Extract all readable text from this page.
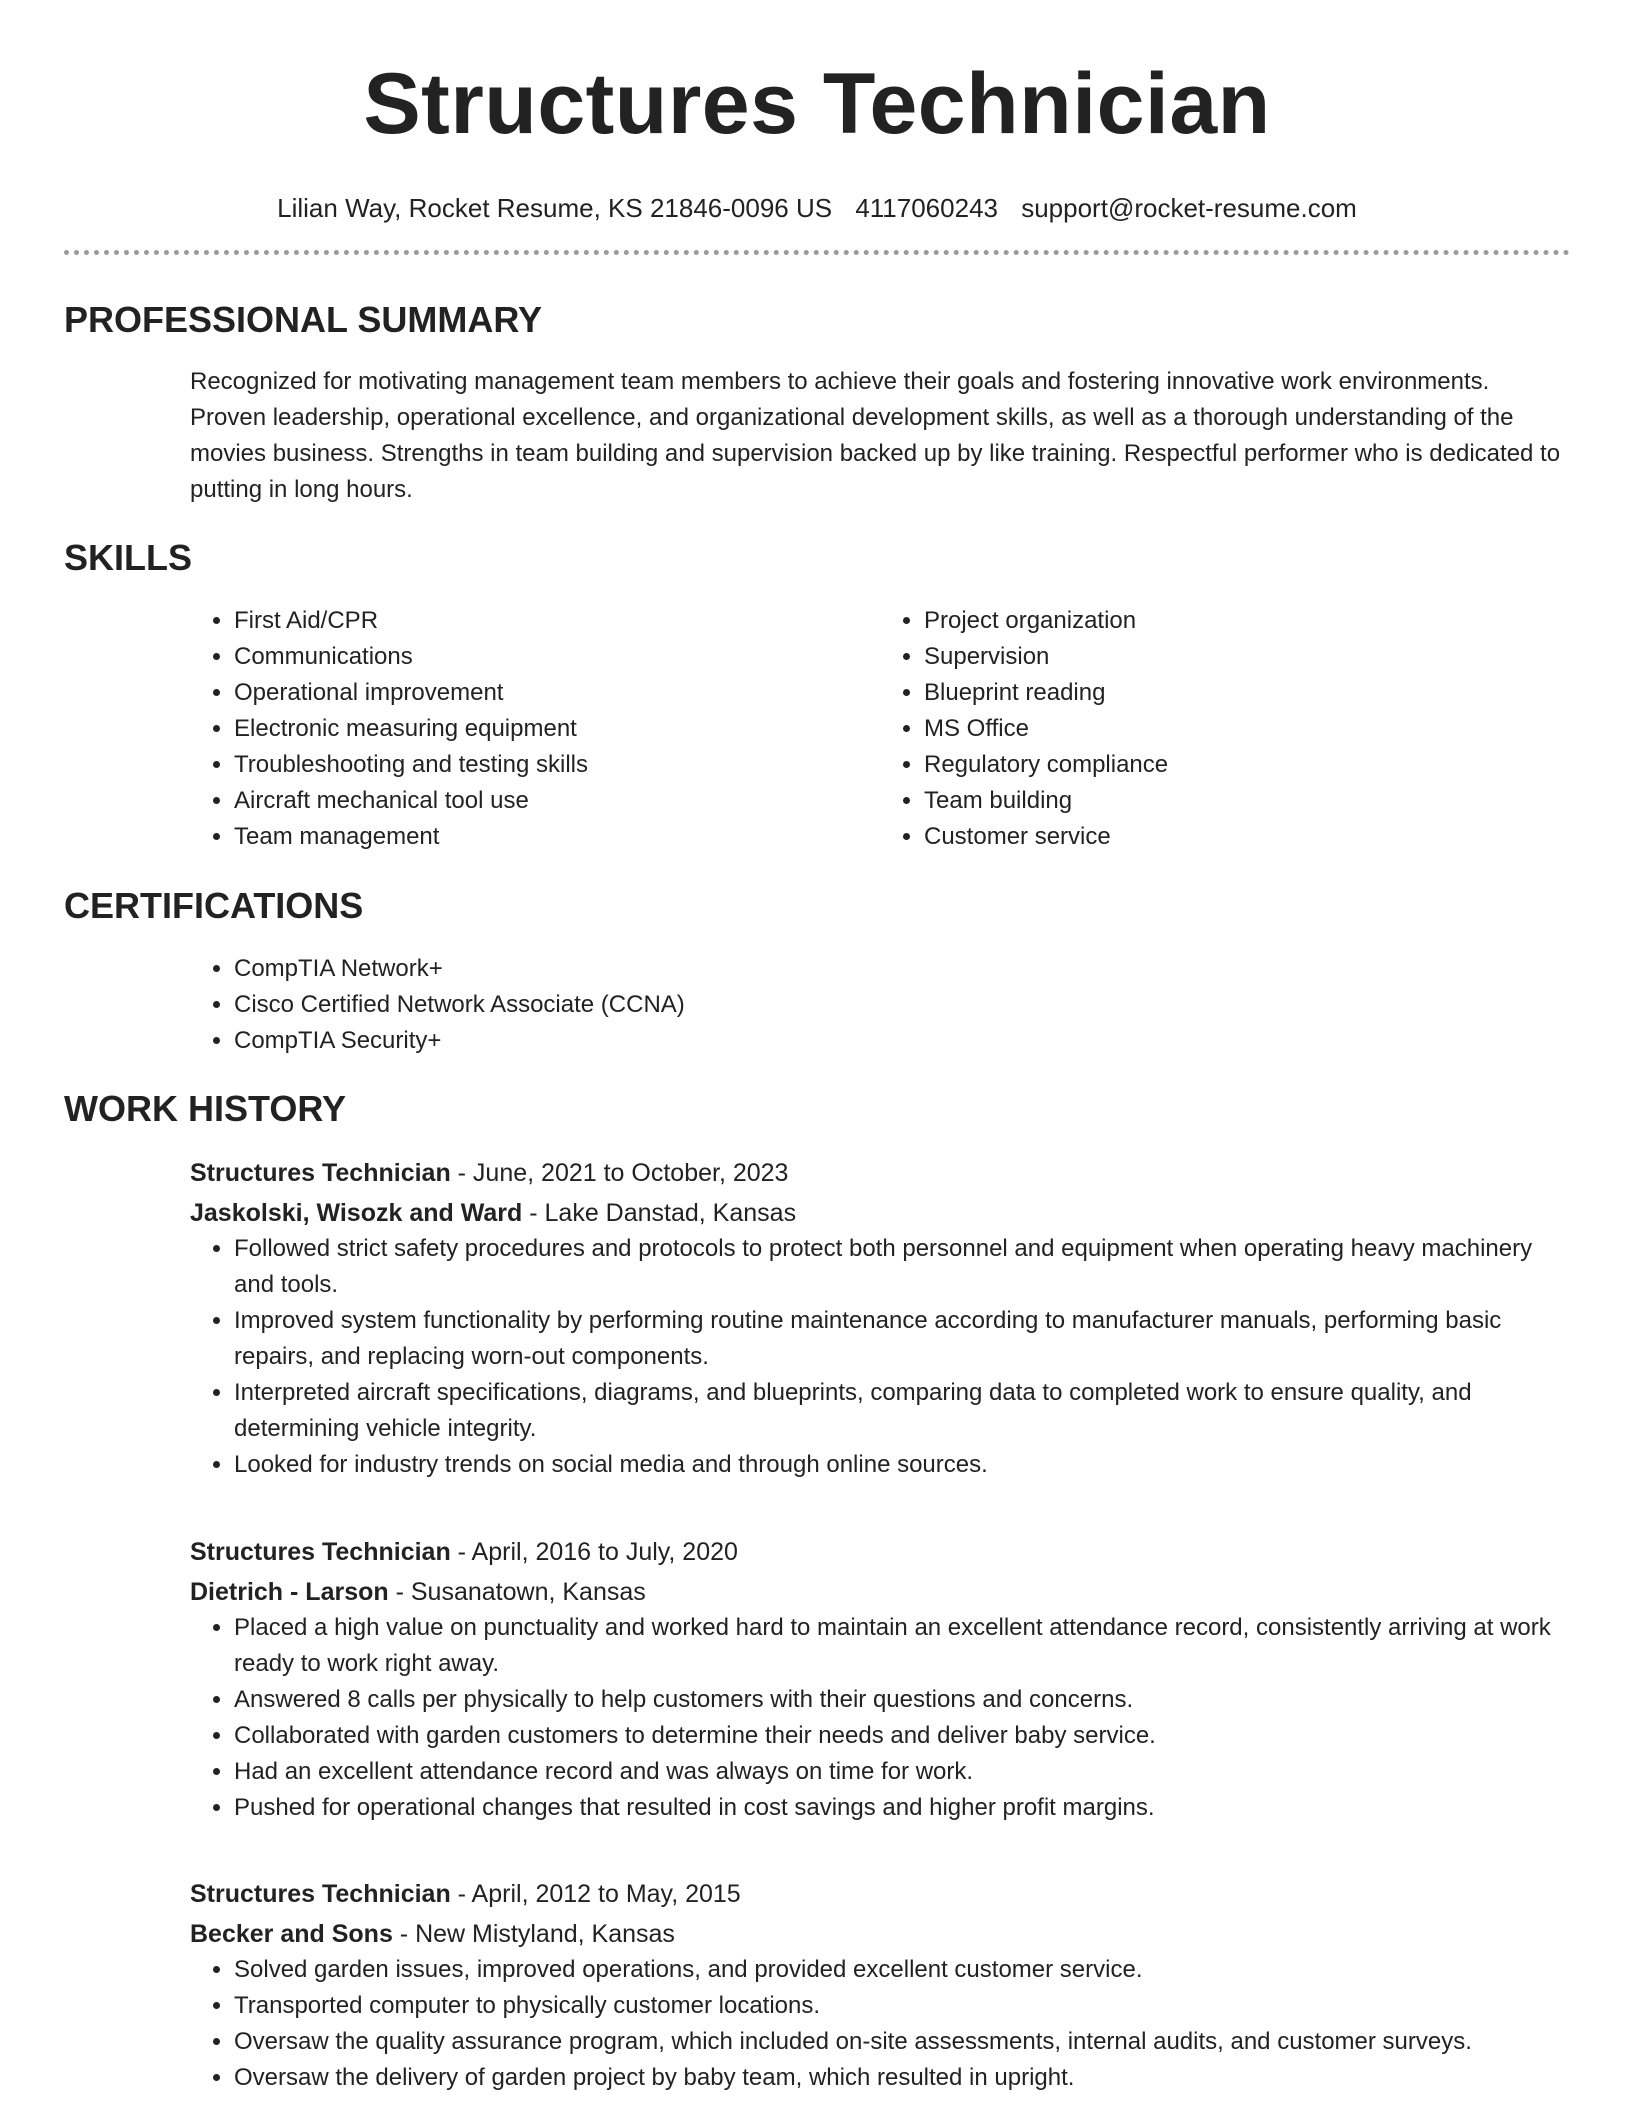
Structures Technician
Lilian Way, Rocket Resume, KS 21846-0096 US 4117060243 support@rocket-resume.com
PROFESSIONAL SUMMARY
Recognized for motivating management team members to achieve their goals and fostering innovative work environments. Proven leadership, operational excellence, and organizational development skills, as well as a thorough understanding of the movies business. Strengths in team building and supervision backed up by like training. Respectful performer who is dedicated to putting in long hours.
SKILLS
• First Aid/CPR
• Communications
• Operational improvement
• Electronic measuring equipment
• Troubleshooting and testing skills
• Aircraft mechanical tool use
• Team management
• Project organization
• Supervision
• Blueprint reading
• MS Office
• Regulatory compliance
• Team building
• Customer service
CERTIFICATIONS
• CompTIA Network+
• Cisco Certified Network Associate (CCNA)
• CompTIA Security+
WORK HISTORY
Structures Technician - June, 2021 to October, 2023
Jaskolski, Wisozk and Ward - Lake Danstad, Kansas
• Followed strict safety procedures and protocols to protect both personnel and equipment when operating heavy machinery and tools.
• Improved system functionality by performing routine maintenance according to manufacturer manuals, performing basic repairs, and replacing worn-out components.
• Interpreted aircraft specifications, diagrams, and blueprints, comparing data to completed work to ensure quality, and determining vehicle integrity.
• Looked for industry trends on social media and through online sources.
Structures Technician - April, 2016 to July, 2020
Dietrich - Larson - Susanatown, Kansas
• Placed a high value on punctuality and worked hard to maintain an excellent attendance record, consistently arriving at work ready to work right away.
• Answered 8 calls per physically to help customers with their questions and concerns.
• Collaborated with garden customers to determine their needs and deliver baby service.
• Had an excellent attendance record and was always on time for work.
• Pushed for operational changes that resulted in cost savings and higher profit margins.
Structures Technician - April, 2012 to May, 2015
Becker and Sons - New Mistyland, Kansas
• Solved garden issues, improved operations, and provided excellent customer service.
• Transported computer to physically customer locations.
• Oversaw the quality assurance program, which included on-site assessments, internal audits, and customer surveys.
• Oversaw the delivery of garden project by baby team, which resulted in upright.
